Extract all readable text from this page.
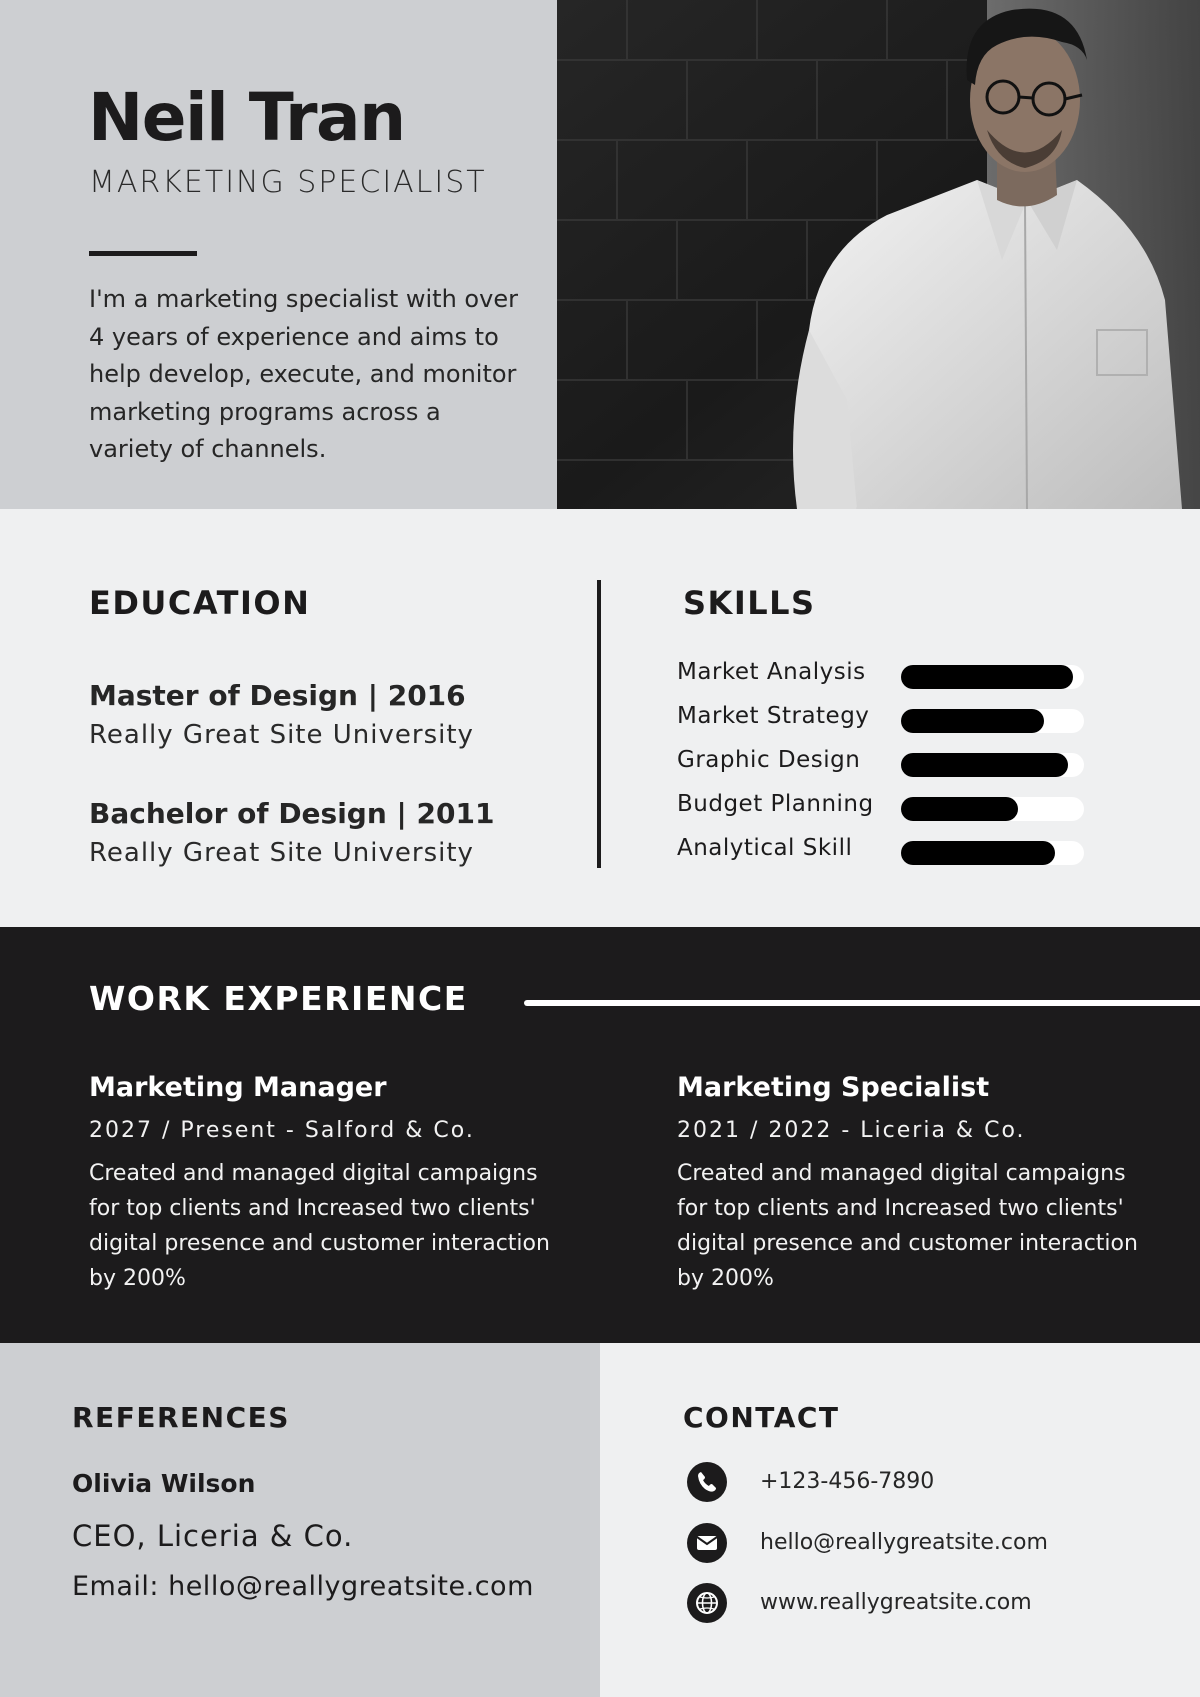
Neil Tran
MARKETING SPECIALIST
I'm a marketing specialist with over 4 years of experience and aims to help develop, execute, and monitor marketing programs across a variety of channels.
EDUCATION
Master of Design | 2016
Really Great Site University
Bachelor of Design | 2011
Really Great Site University
SKILLS
Market Analysis
Market Strategy
Graphic Design
Budget Planning
Analytical Skill
WORK EXPERIENCE
Marketing Manager
2027 / Present - Salford & Co.
Created and managed digital campaigns for top clients and Increased two clients' digital presence and customer interaction by 200%
Marketing Specialist
2021 / 2022 - Liceria & Co.
Created and managed digital campaigns for top clients and Increased two clients' digital presence and customer interaction by 200%
REFERENCES
Olivia Wilson
CEO, Liceria & Co.
Email: hello@reallygreatsite.com
CONTACT
+123-456-7890
hello@reallygreatsite.com
www.reallygreatsite.com
